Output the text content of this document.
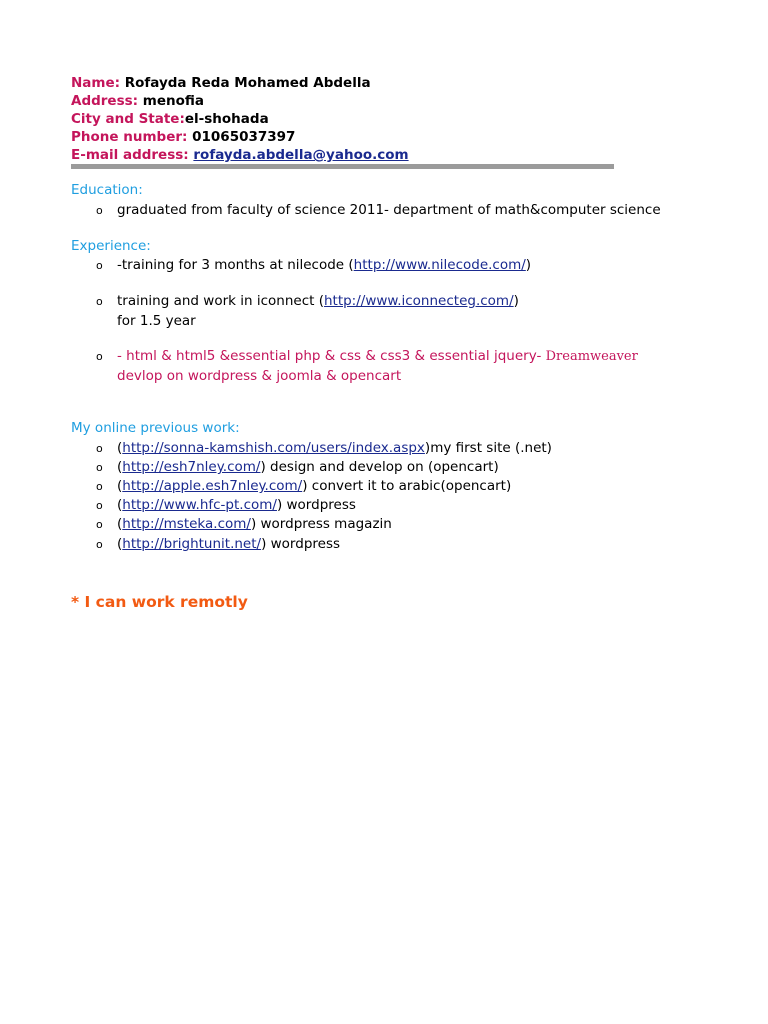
Name: Rofayda Reda Mohamed Abdella
Address: menofia
City and State:el-shohada
Phone number: 01065037397
E-mail address: rofayda.abdella@yahoo.com
Education:
o graduated from faculty of science 2011- department of math&computer science
Experience:
o -training for 3 months at nilecode (http://www.nilecode.com/)
o training and work in iconnect (http://www.iconnecteg.com/)
for 1.5 year
o - html & html5 &essential php & css & css3 & essential jquery- Dreamweaver
devlop on wordpress & joomla & opencart
My online previous work:
o (http://sonna-kamshish.com/users/index.aspx)my first site (.net)
o (http://esh7nley.com/) design and develop on (opencart)
o (http://apple.esh7nley.com/) convert it to arabic(opencart)
o (http://www.hfc-pt.com/) wordpress
o (http://msteka.com/) wordpress magazin
o (http://brightunit.net/) wordpress
* I can work remotly
